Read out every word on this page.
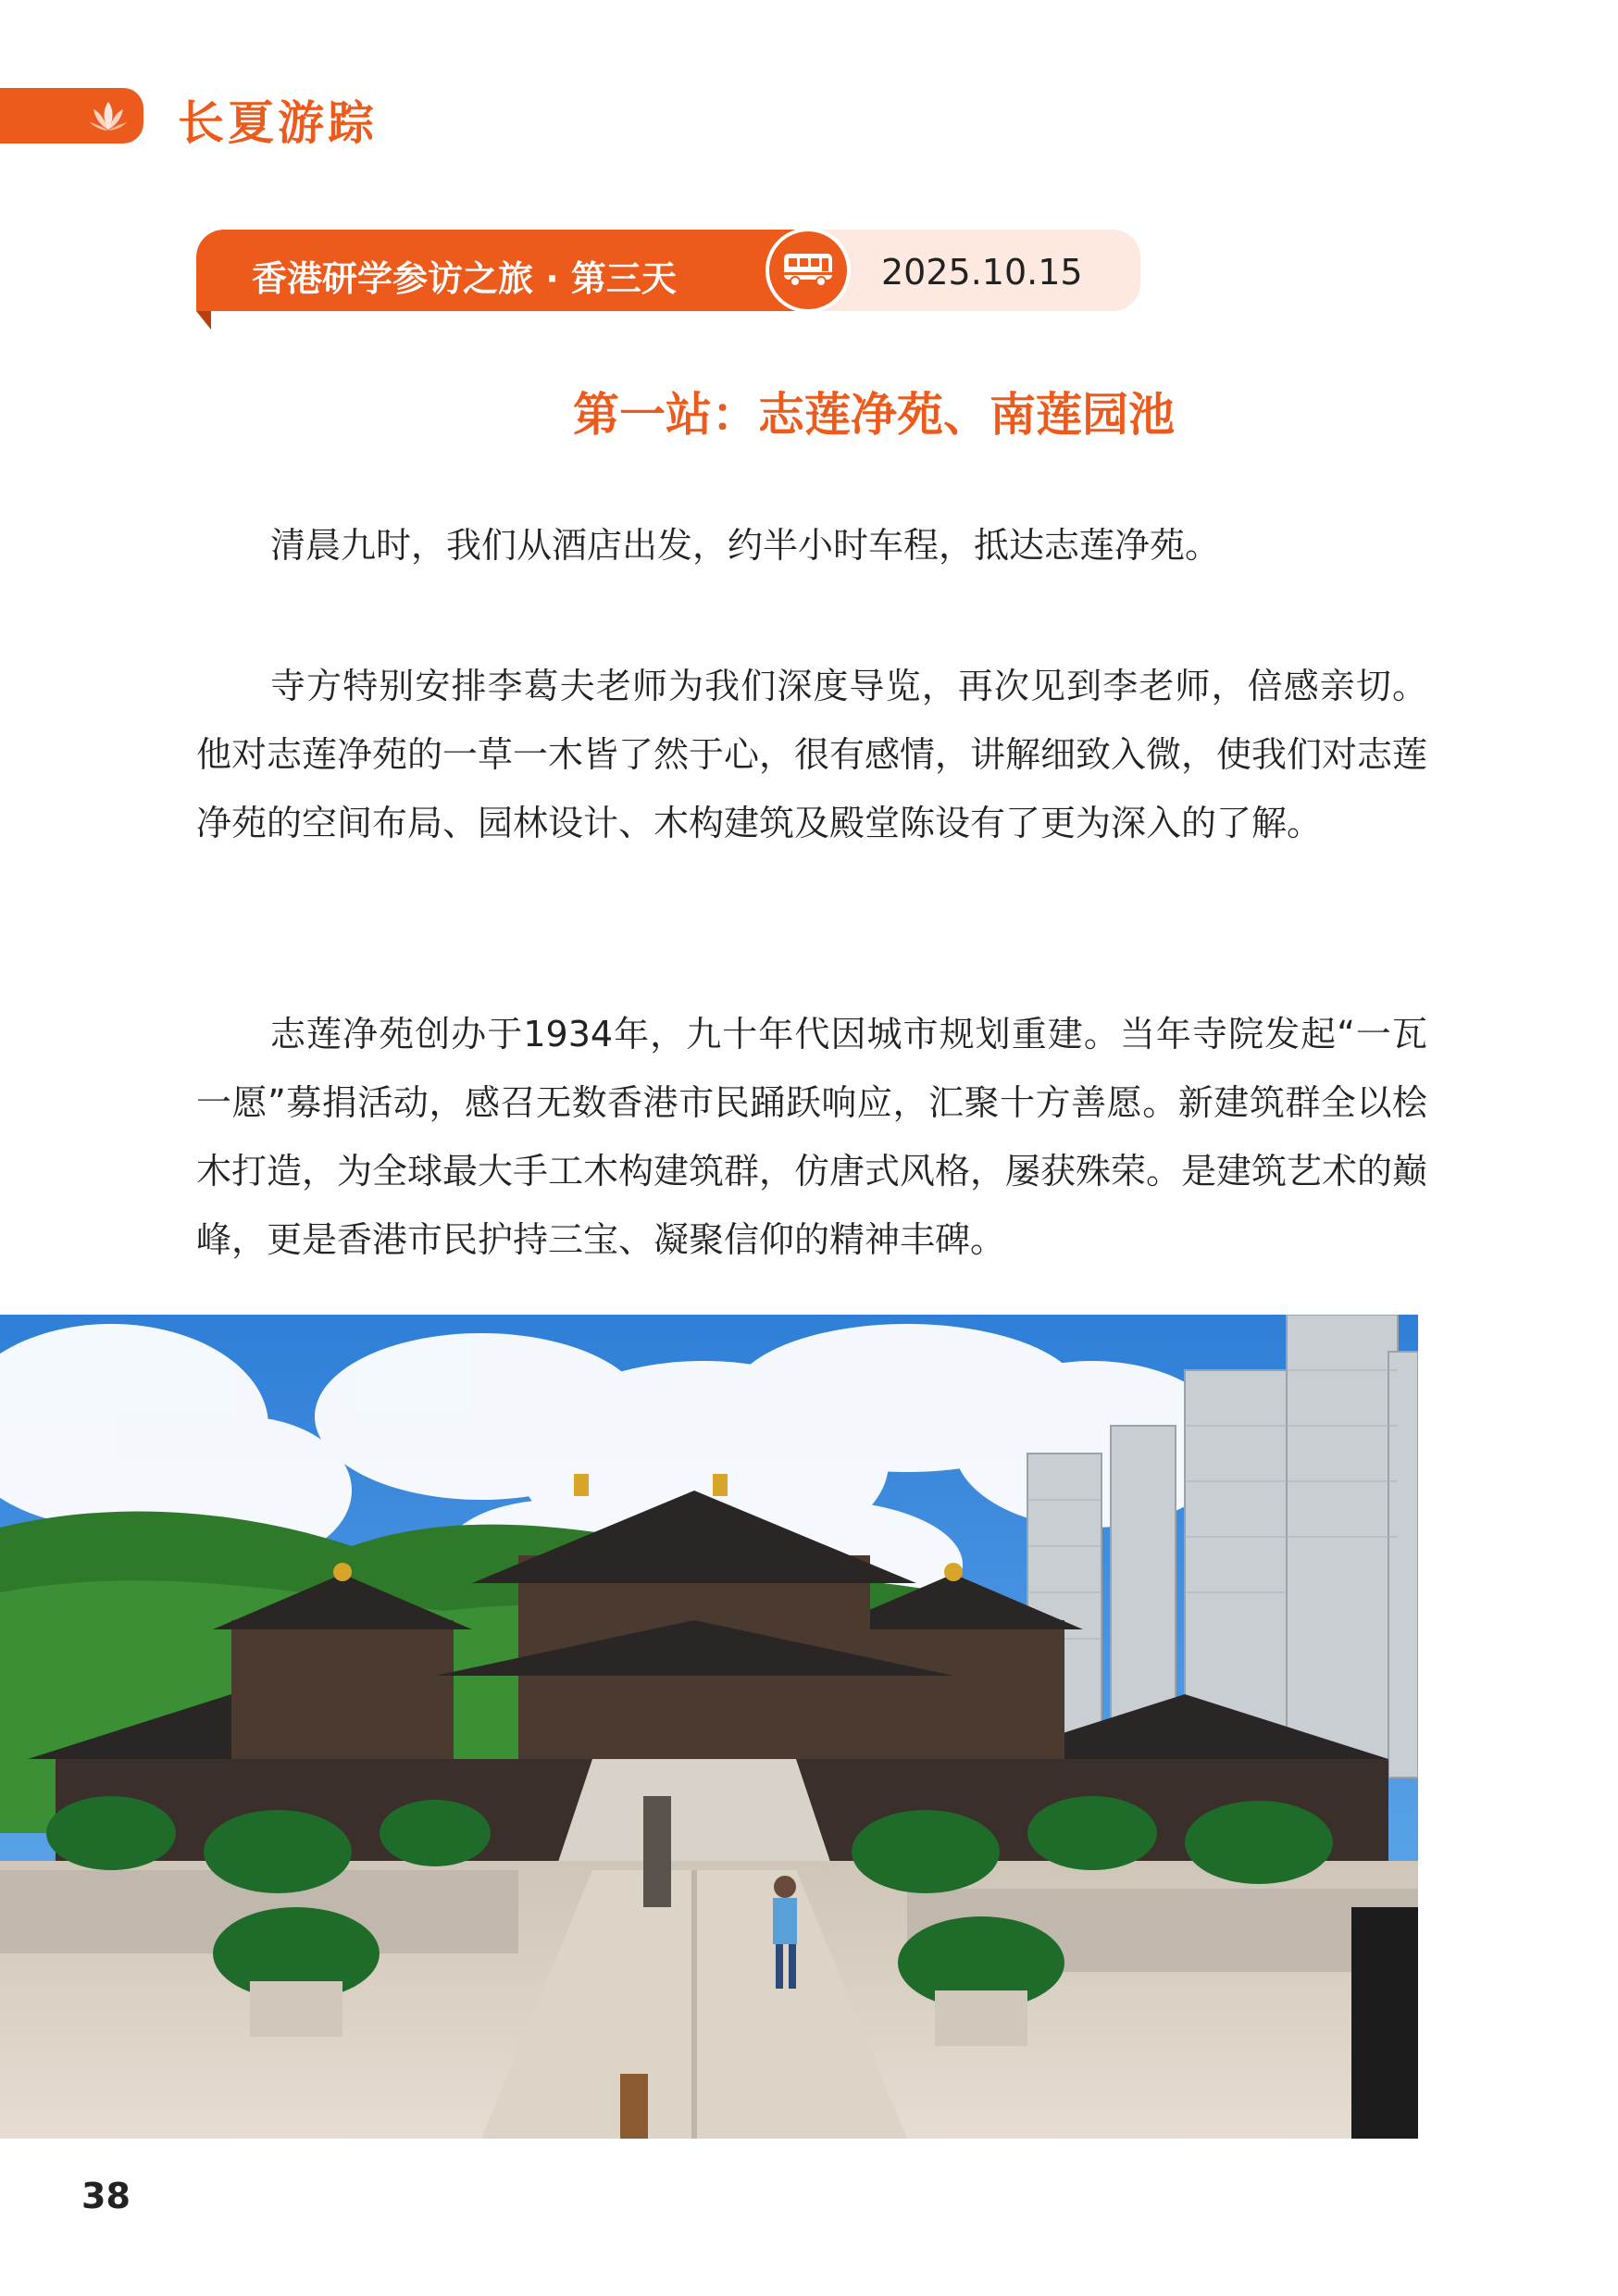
长夏游踪
香港研学参访之旅 · 第三天	2025.10.15
第一站：志莲净苑、南莲园池

清晨九时，我们从酒店出发，约半小时车程，抵达志莲净苑。

寺方特别安排李葛夫老师为我们深度导览，再次见到李老师，倍感亲切。他对志莲净苑的一草一木皆了然于心，很有感情，讲解细致入微，使我们对志莲净苑的空间布局、园林设计、木构建筑及殿堂陈设有了更为深入的了解。

志莲净苑创办于1934年，九十年代因城市规划重建。当年寺院发起“一瓦一愿”募捐活动，感召无数香港市民踊跃响应，汇聚十方善愿。新建筑群全以桧木打造，为全球最大手工木构建筑群，仿唐式风格，屡获殊荣。是建筑艺术的巅峰，更是香港市民护持三宝、凝聚信仰的精神丰碑。

38
